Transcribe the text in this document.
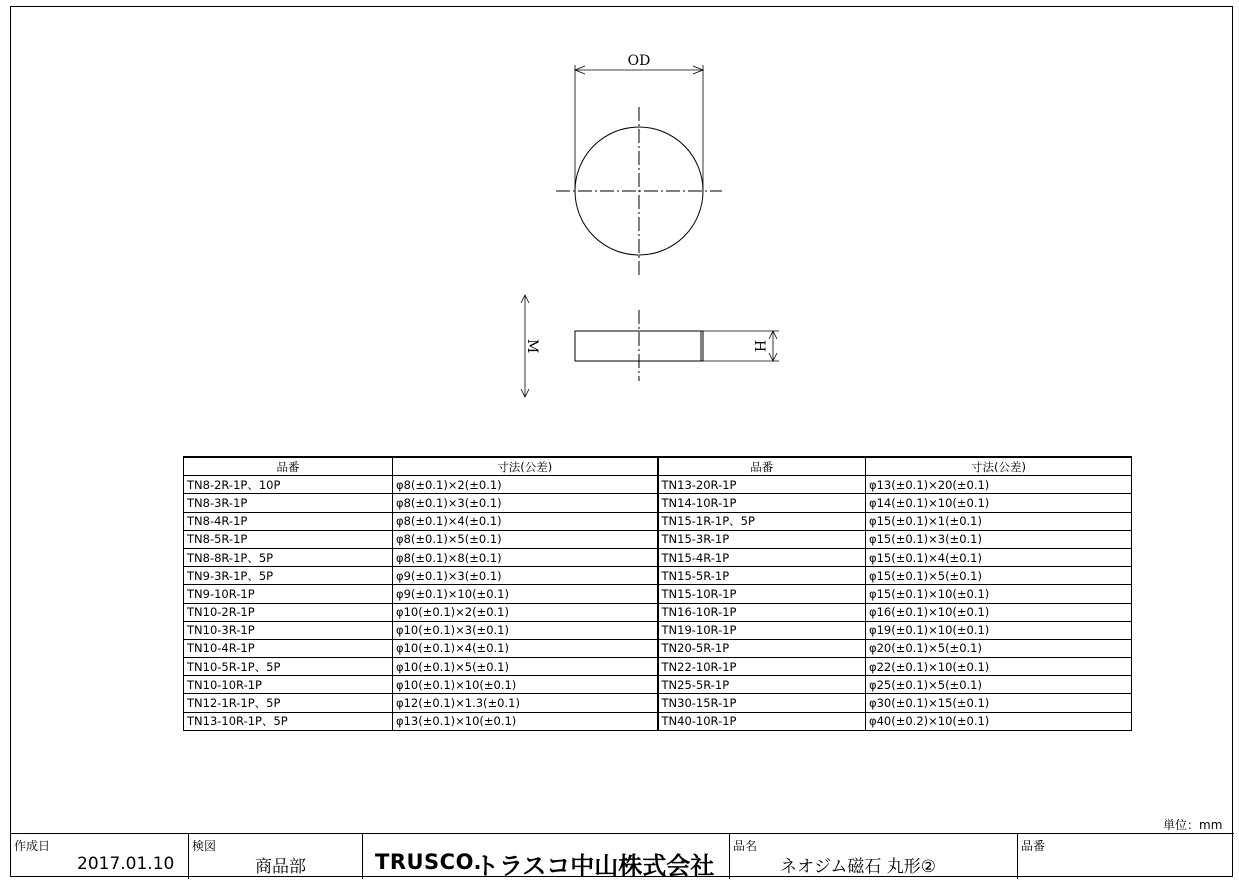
OD
H
M
品番	寸法(公差)	品番	寸法(公差)
TN8-2R-1P、10P	φ8(±0.1)×2(±0.1)	TN13-20R-1P	φ13(±0.1)×20(±0.1)
TN8-3R-1P	φ8(±0.1)×3(±0.1)	TN14-10R-1P	φ14(±0.1)×10(±0.1)
TN8-4R-1P	φ8(±0.1)×4(±0.1)	TN15-1R-1P、5P	φ15(±0.1)×1(±0.1)
TN8-5R-1P	φ8(±0.1)×5(±0.1)	TN15-3R-1P	φ15(±0.1)×3(±0.1)
TN8-8R-1P、5P	φ8(±0.1)×8(±0.1)	TN15-4R-1P	φ15(±0.1)×4(±0.1)
TN9-3R-1P、5P	φ9(±0.1)×3(±0.1)	TN15-5R-1P	φ15(±0.1)×5(±0.1)
TN9-10R-1P	φ9(±0.1)×10(±0.1)	TN15-10R-1P	φ15(±0.1)×10(±0.1)
TN10-2R-1P	φ10(±0.1)×2(±0.1)	TN16-10R-1P	φ16(±0.1)×10(±0.1)
TN10-3R-1P	φ10(±0.1)×3(±0.1)	TN19-10R-1P	φ19(±0.1)×10(±0.1)
TN10-4R-1P	φ10(±0.1)×4(±0.1)	TN20-5R-1P	φ20(±0.1)×5(±0.1)
TN10-5R-1P、5P	φ10(±0.1)×5(±0.1)	TN22-10R-1P	φ22(±0.1)×10(±0.1)
TN10-10R-1P	φ10(±0.1)×10(±0.1)	TN25-5R-1P	φ25(±0.1)×5(±0.1)
TN12-1R-1P、5P	φ12(±0.1)×1.3(±0.1)	TN30-15R-1P	φ30(±0.1)×15(±0.1)
TN13-10R-1P、5P	φ13(±0.1)×10(±0.1)	TN40-10R-1P	φ40(±0.2)×10(±0.1)
単位：mm
作成日
2017.01.10
検図
商品部	TRUSCO.
トラスコ中山株式会社
品名
ネオジム磁石 丸形②
品番
